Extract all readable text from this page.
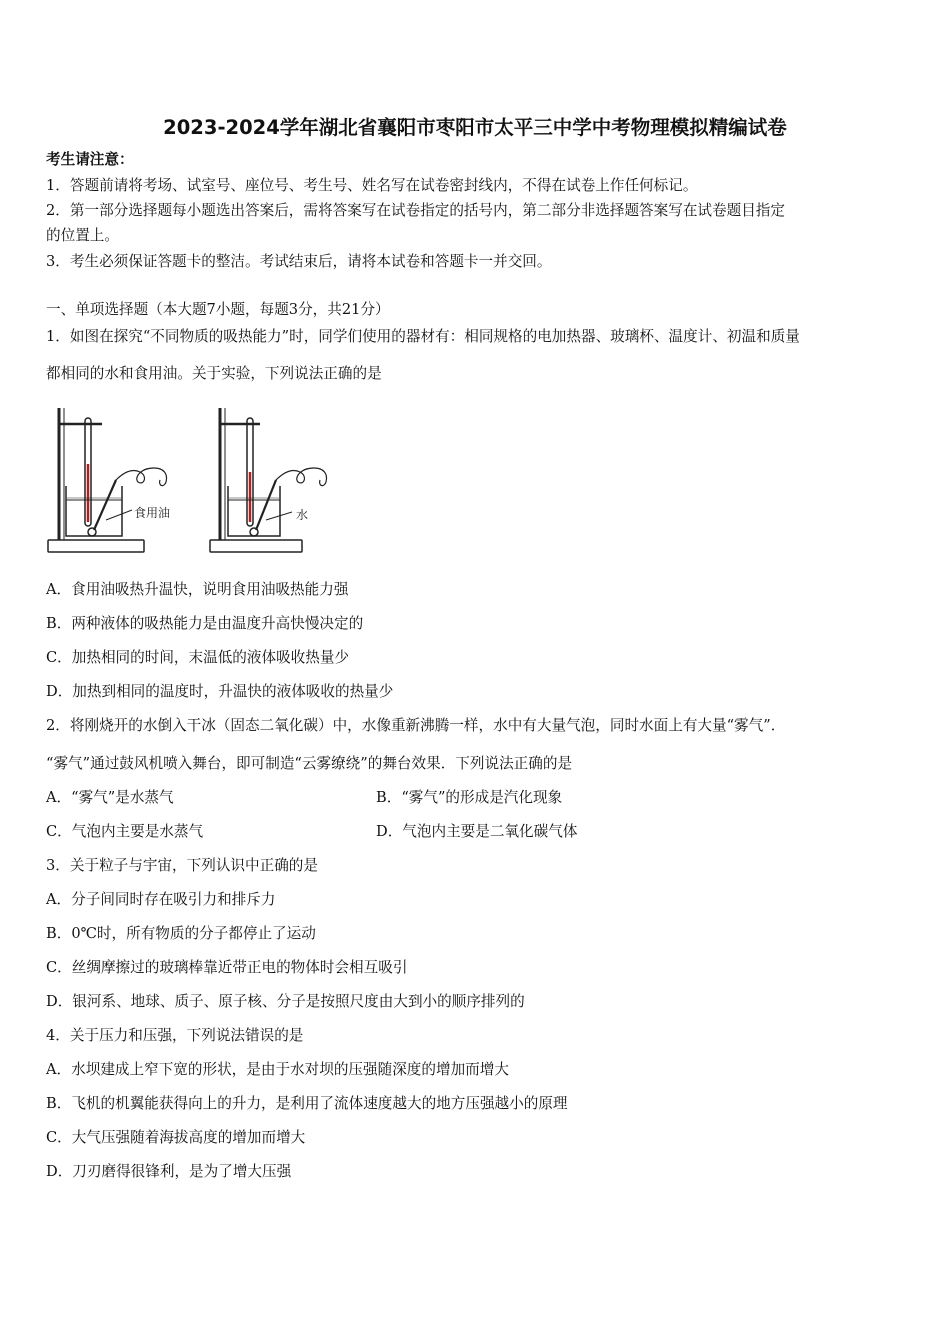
2023-2024学年湖北省襄阳市枣阳市太平三中学中考物理模拟精编试卷
考生请注意：
1．答题前请将考场、试室号、座位号、考生号、姓名写在试卷密封线内，不得在试卷上作任何标记。
2．第一部分选择题每小题选出答案后，需将答案写在试卷指定的括号内，第二部分非选择题答案写在试卷题目指定
的位置上。
3．考生必须保证答题卡的整洁。考试结束后，请将本试卷和答题卡一并交回。
一、单项选择题（本大题7小题，每题3分，共21分）
1．如图在探究“不同物质的吸热能力”时，同学们使用的器材有：相同规格的电加热器、玻璃杯、温度计、初温和质量
都相同的水和食用油。关于实验，下列说法正确的是
食用油	水
A．食用油吸热升温快，说明食用油吸热能力强
B．两种液体的吸热能力是由温度升高快慢决定的
C．加热相同的时间，末温低的液体吸收热量少
D．加热到相同的温度时，升温快的液体吸收的热量少
2．将刚烧开的水倒入干冰（固态二氧化碳）中，水像重新沸腾一样，水中有大量气泡，同时水面上有大量“雾气”．
“雾气”通过鼓风机喷入舞台，即可制造“云雾缭绕”的舞台效果．下列说法正确的是
A．“雾气”是水蒸气	B．“雾气”的形成是汽化现象
C．气泡内主要是水蒸气	D．气泡内主要是二氧化碳气体
3．关于粒子与宇宙，下列认识中正确的是
A．分子间同时存在吸引力和排斥力
B．0℃时，所有物质的分子都停止了运动
C．丝绸摩擦过的玻璃棒靠近带正电的物体时会相互吸引
D．银河系、地球、质子、原子核、分子是按照尺度由大到小的顺序排列的
4．关于压力和压强，下列说法错误的是
A．水坝建成上窄下宽的形状，是由于水对坝的压强随深度的增加而增大
B．飞机的机翼能获得向上的升力，是利用了流体速度越大的地方压强越小的原理
C．大气压强随着海拔高度的增加而增大
D．刀刃磨得很锋利，是为了增大压强
